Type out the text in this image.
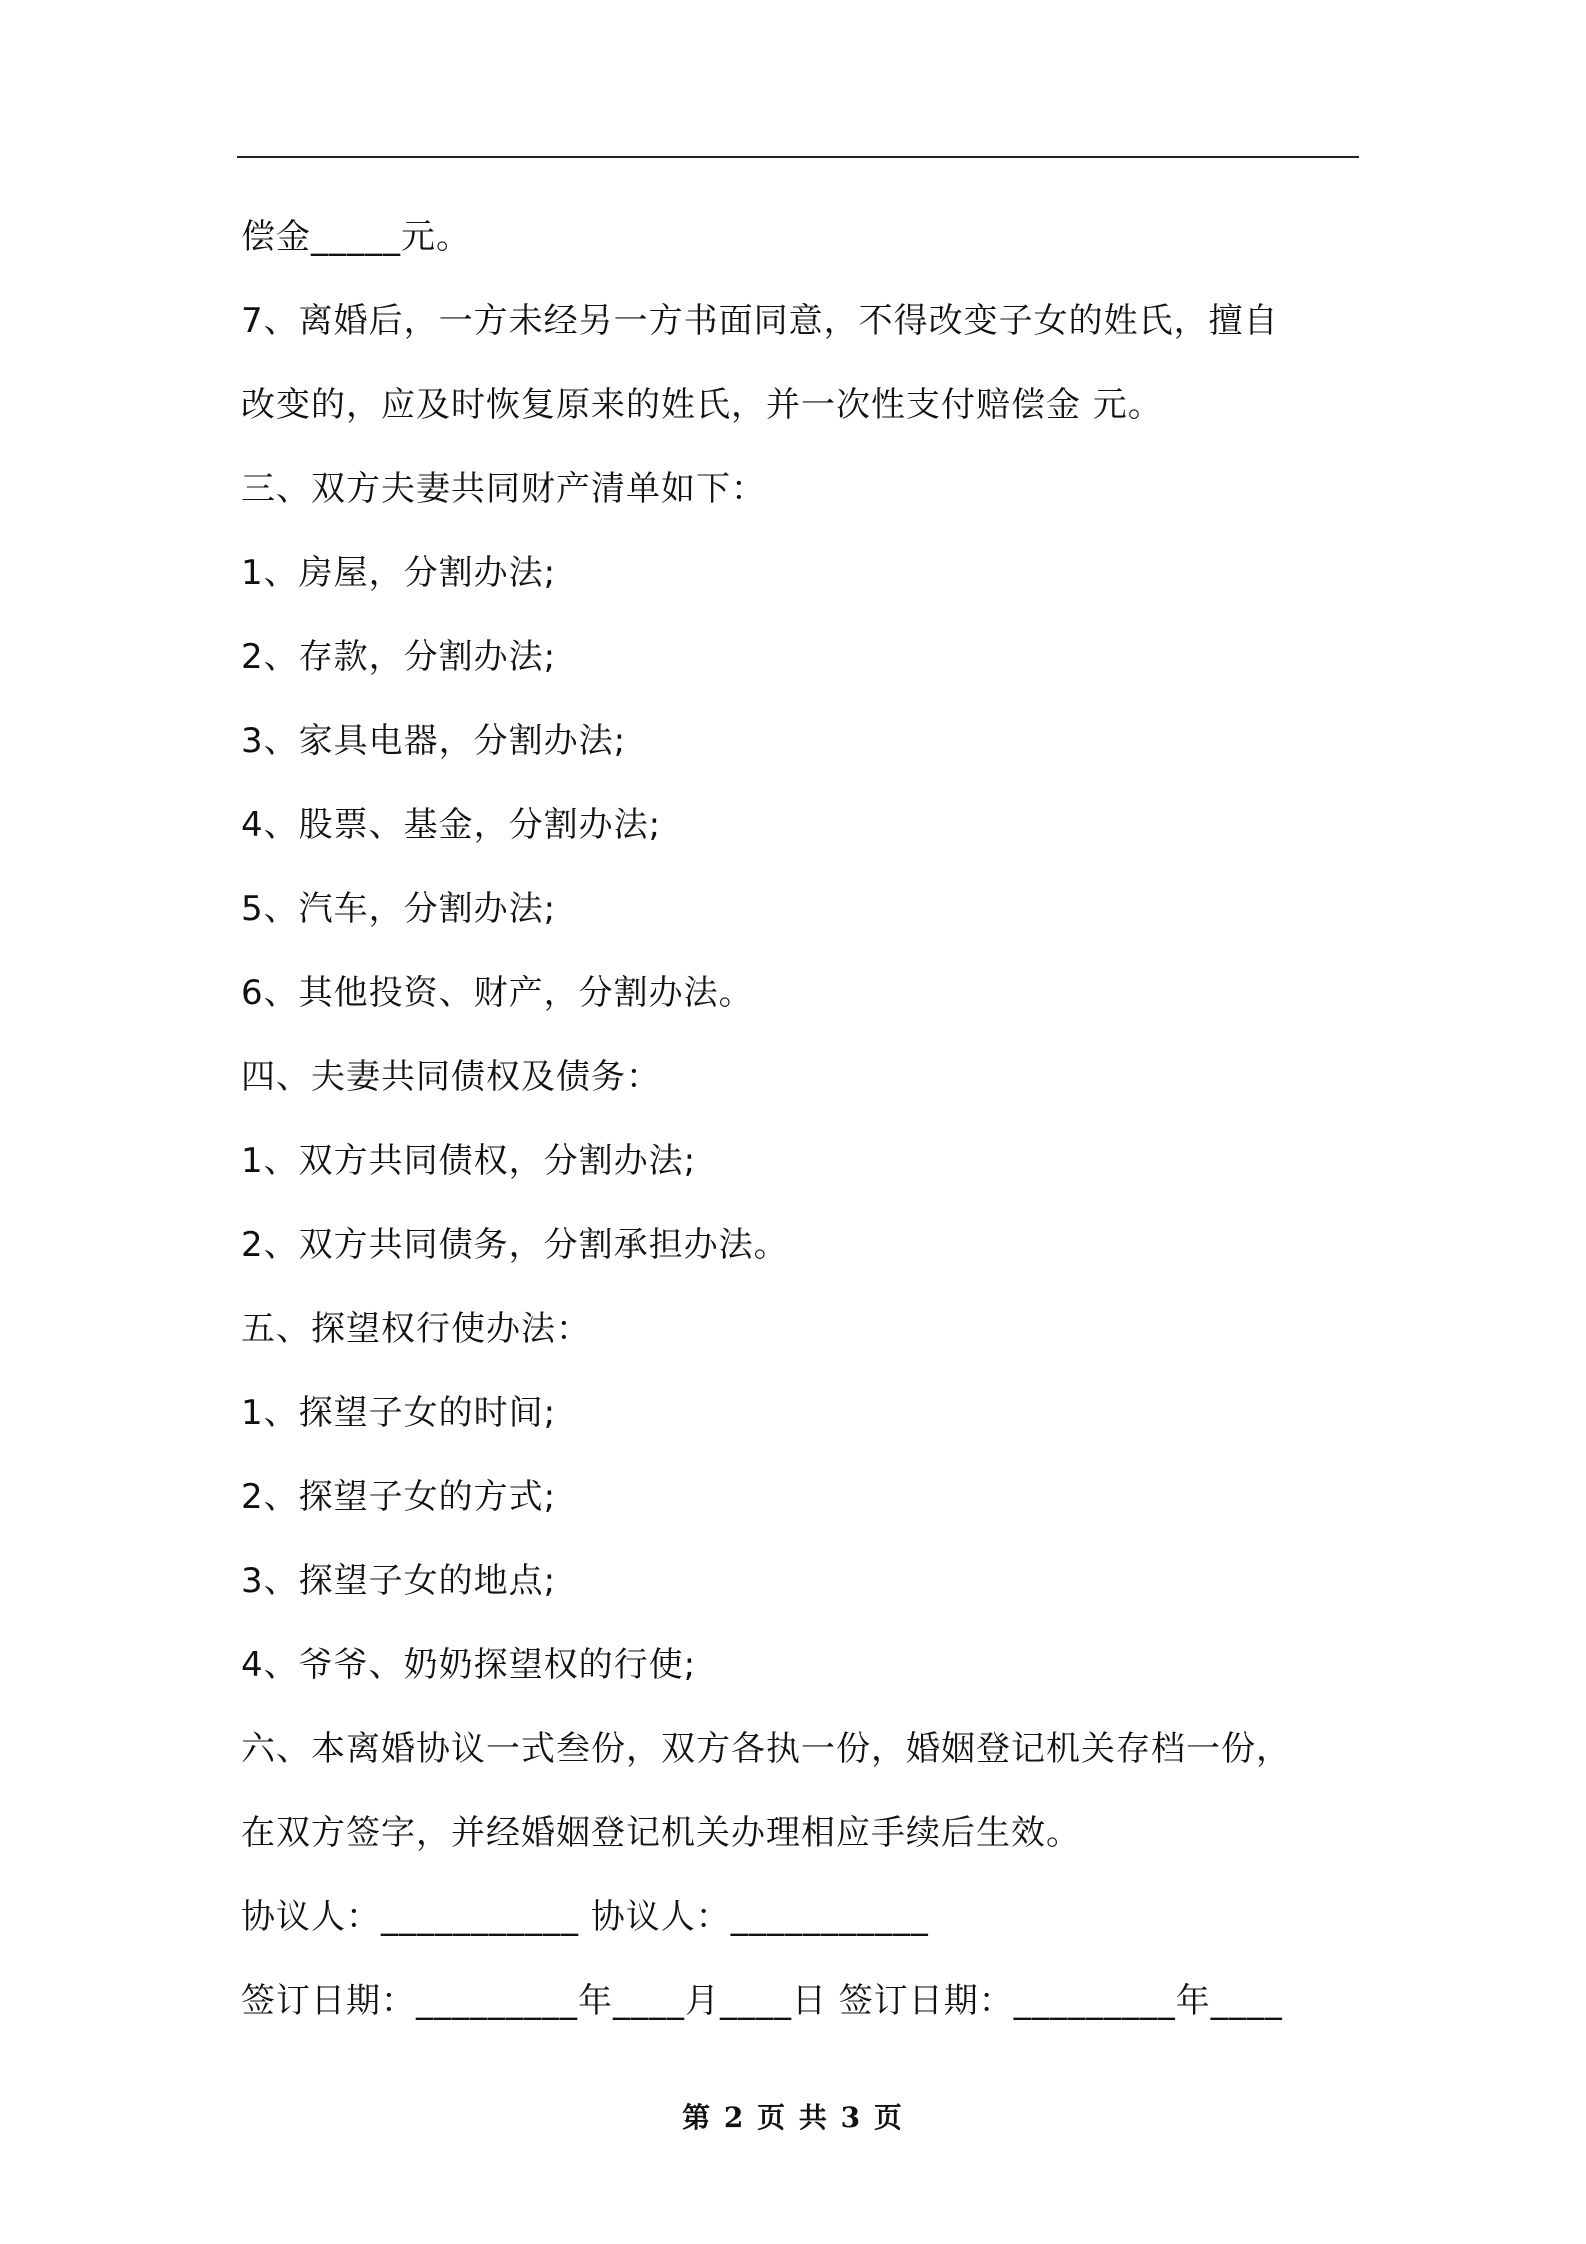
偿金_____元。
7、离婚后，一方未经另一方书面同意，不得改变子女的姓氏，擅自
改变的，应及时恢复原来的姓氏，并一次性支付赔偿金 元。
三、双方夫妻共同财产清单如下：
1、房屋，分割办法;
2、存款，分割办法;
3、家具电器，分割办法;
4、股票、基金，分割办法;
5、汽车，分割办法;
6、其他投资、财产，分割办法。
四、夫妻共同债权及债务：
1、双方共同债权，分割办法;
2、双方共同债务，分割承担办法。
五、探望权行使办法：
1、探望子女的时间;
2、探望子女的方式;
3、探望子女的地点;
4、爷爷、奶奶探望权的行使;
六、本离婚协议一式叁份，双方各执一份，婚姻登记机关存档一份，
在双方签字，并经婚姻登记机关办理相应手续后生效。
协议人：___________ 协议人：___________
签订日期：_________年____月____日 签订日期：_________年____
第 2 页 共 3 页
